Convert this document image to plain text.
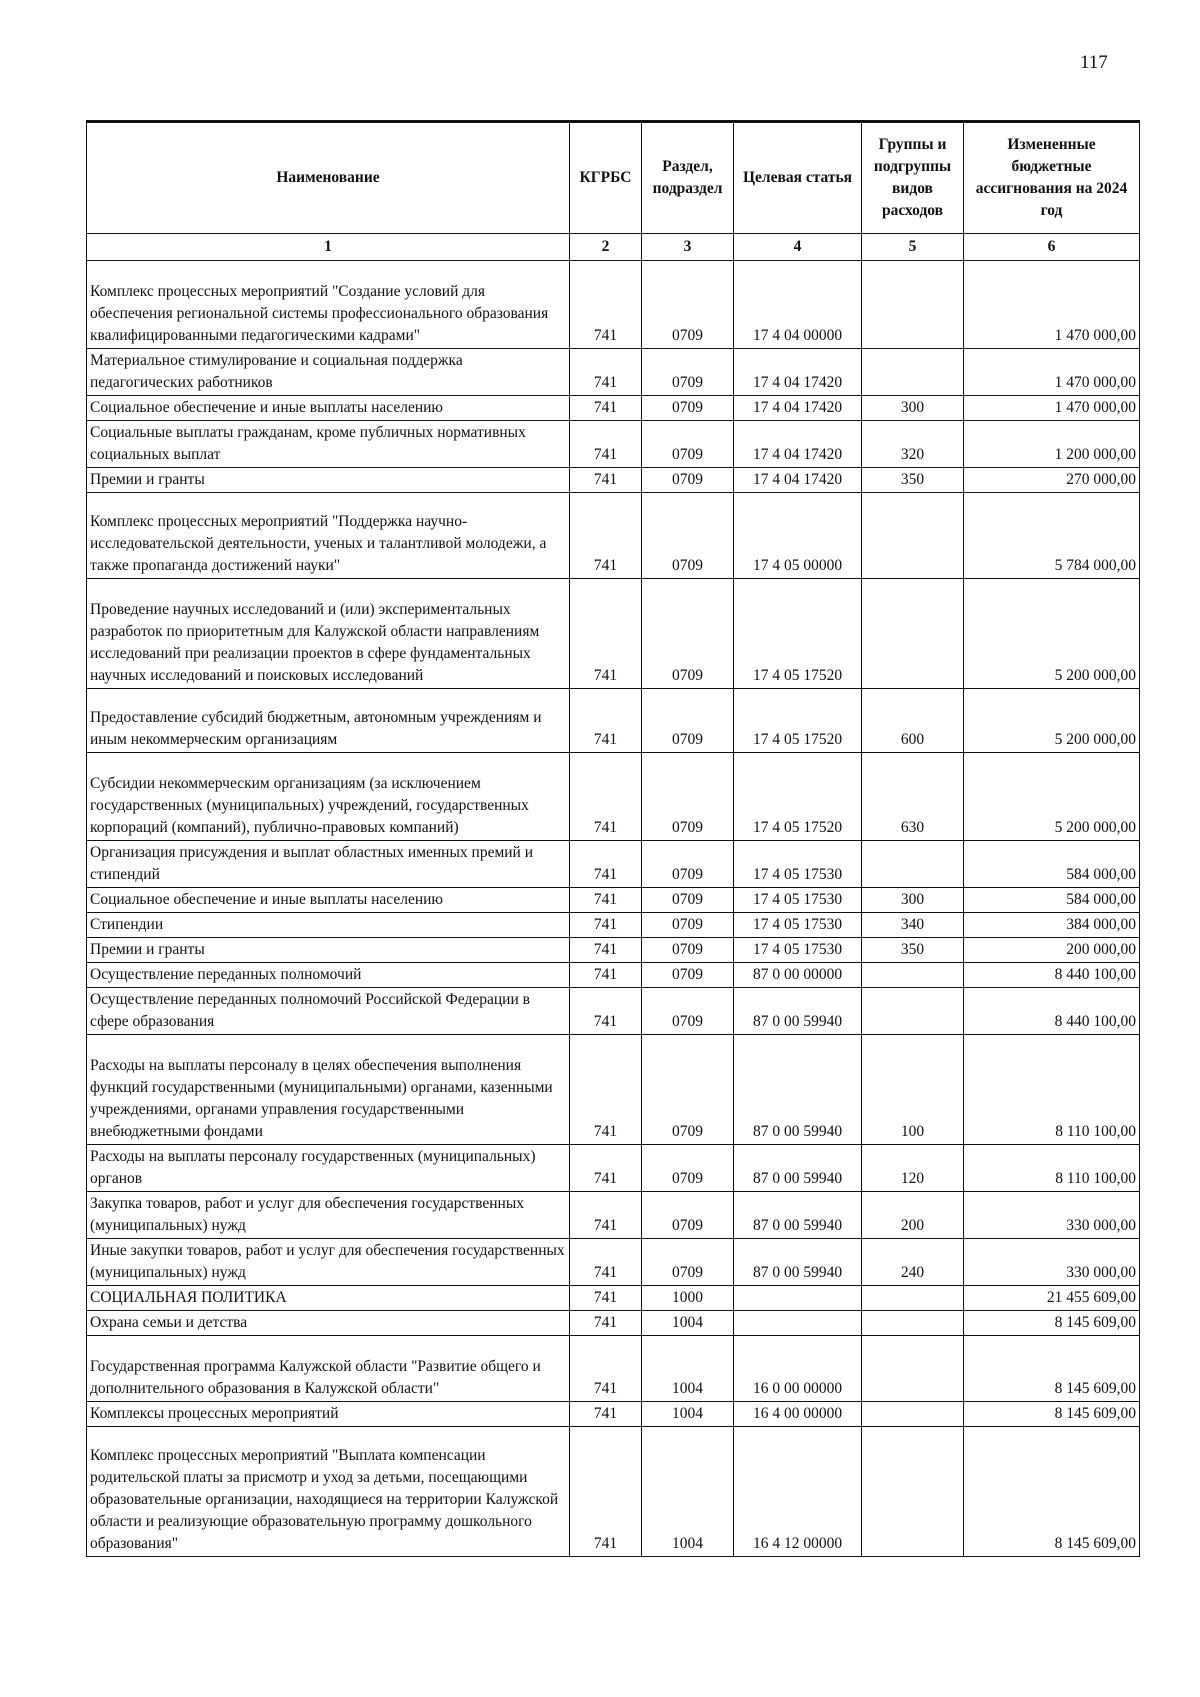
117
Наименование	КГРБС	Раздел, подраздел	Целевая статья	Группы и подгруппы видов расходов	Измененные бюджетные ассигнования на 2024 год
1	2	3	4	5	6
Комплекс процессных мероприятий "Создание условий для обеспечения региональной системы профессионального образования квалифицированными педагогическими кадрами"	741	0709	17 4 04 00000		1 470 000,00
Материальное стимулирование и социальная поддержка педагогических работников	741	0709	17 4 04 17420		1 470 000,00
Социальное обеспечение и иные выплаты населению	741	0709	17 4 04 17420	300	1 470 000,00
Социальные выплаты гражданам, кроме публичных нормативных социальных выплат	741	0709	17 4 04 17420	320	1 200 000,00
Премии и гранты	741	0709	17 4 04 17420	350	270 000,00
Комплекс процессных мероприятий "Поддержка научно-исследовательской деятельности, ученых и талантливой молодежи, а также пропаганда достижений науки"	741	0709	17 4 05 00000		5 784 000,00
Проведение научных исследований и (или) экспериментальных разработок по приоритетным для Калужской области направлениям исследований при реализации проектов в сфере фундаментальных научных исследований и поисковых исследований	741	0709	17 4 05 17520		5 200 000,00
Предоставление субсидий бюджетным, автономным учреждениям и иным некоммерческим организациям	741	0709	17 4 05 17520	600	5 200 000,00
Субсидии некоммерческим организациям (за исключением государственных (муниципальных) учреждений, государственных корпораций (компаний), публично-правовых компаний)	741	0709	17 4 05 17520	630	5 200 000,00
Организация присуждения и выплат областных именных премий и стипендий	741	0709	17 4 05 17530		584 000,00
Социальное обеспечение и иные выплаты населению	741	0709	17 4 05 17530	300	584 000,00
Стипендии	741	0709	17 4 05 17530	340	384 000,00
Премии и гранты	741	0709	17 4 05 17530	350	200 000,00
Осуществление переданных полномочий	741	0709	87 0 00 00000		8 440 100,00
Осуществление переданных полномочий Российской Федерации в сфере образования	741	0709	87 0 00 59940		8 440 100,00
Расходы на выплаты персоналу в целях обеспечения выполнения функций государственными (муниципальными) органами, казенными учреждениями, органами управления государственными внебюджетными фондами	741	0709	87 0 00 59940	100	8 110 100,00
Расходы на выплаты персоналу государственных (муниципальных) органов	741	0709	87 0 00 59940	120	8 110 100,00
Закупка товаров, работ и услуг для обеспечения государственных (муниципальных) нужд	741	0709	87 0 00 59940	200	330 000,00
Иные закупки товаров, работ и услуг для обеспечения государственных (муниципальных) нужд	741	0709	87 0 00 59940	240	330 000,00
СОЦИАЛЬНАЯ ПОЛИТИКА	741	1000			21 455 609,00
Охрана семьи и детства	741	1004			8 145 609,00
Государственная программа Калужской области "Развитие общего и дополнительного образования в Калужской области"	741	1004	16 0 00 00000		8 145 609,00
Комплексы процессных мероприятий	741	1004	16 4 00 00000		8 145 609,00
Комплекс процессных мероприятий "Выплата компенсации родительской платы за присмотр и уход за детьми, посещающими образовательные организации, находящиеся на территории Калужской области и реализующие образовательную программу дошкольного образования"	741	1004	16 4 12 00000		8 145 609,00
